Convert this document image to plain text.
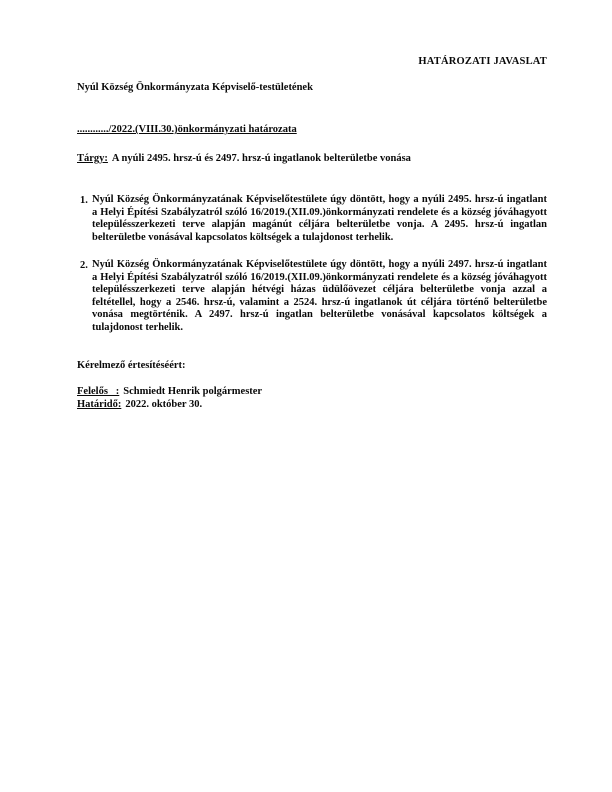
HATÁROZATI JAVASLAT
Nyúl Község Önkormányzata Képviselő-testületének
............/2022.(VIII.30.)önkormányzati határozata
Tárgy: A nyúli 2495. hrsz-ú és 2497. hrsz-ú ingatlanok belterületbe vonása
1. Nyúl Község Önkormányzatának Képviselőtestülete úgy döntött, hogy a nyúli 2495. hrsz-ú ingatlant a Helyi Építési Szabályzatról szóló 16/2019.(XII.09.)önkormányzati rendelete és a község jóváhagyott településszerkezeti terve alapján magánút céljára belterületbe vonja. A 2495. hrsz-ú ingatlan belterületbe vonásával kapcsolatos költségek a tulajdonost terhelik.
2. Nyúl Község Önkormányzatának Képviselőtestülete úgy döntött, hogy a nyúli 2497. hrsz-ú ingatlant a Helyi Építési Szabályzatról szóló 16/2019.(XII.09.)önkormányzati rendelete és a község jóváhagyott településszerkezeti terve alapján hétvégi házas üdülőövezet céljára belterületbe vonja azzal a feltétellel, hogy a 2546. hrsz-ú, valamint a 2524. hrsz-ú ingatlanok út céljára történő belterületbe vonása megtörténik. A 2497. hrsz-ú ingatlan belterületbe vonásával kapcsolatos költségek a tulajdonost terhelik.
Kérelmező értesítéséért:
Felelős   : Schmiedt Henrik polgármester
Határidő: 2022. október 30.
